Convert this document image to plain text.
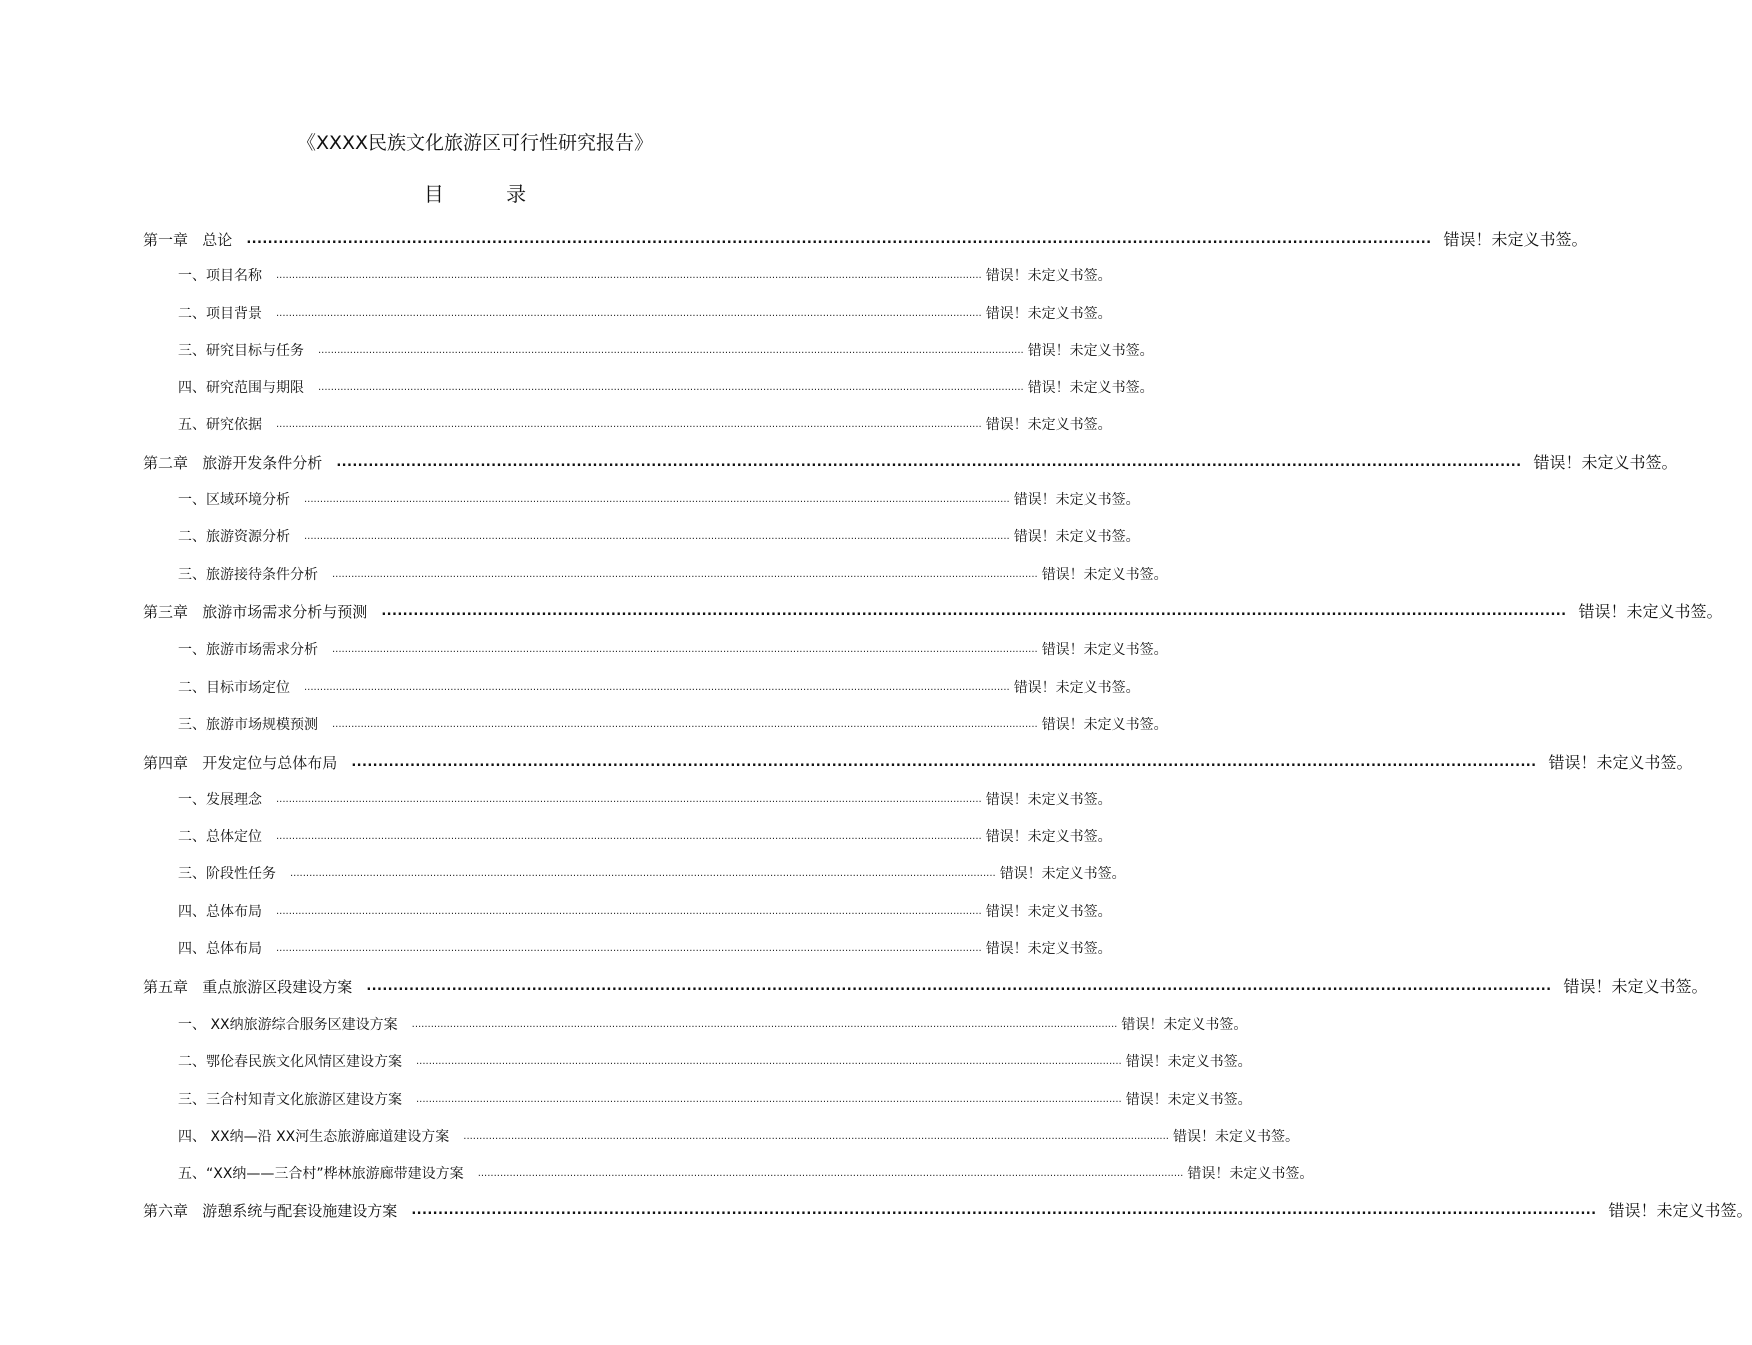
《XXXX民族文化旅游区可行性研究报告》
目 录
第一章   总论 .............................................................................................................................................................................................................................. 错误！未定义书签。
一、项目名称 .............................................................................................................................................................................................................................. 错误！未定义书签。
二、项目背景 .............................................................................................................................................................................................................................. 错误！未定义书签。
三、研究目标与任务 .............................................................................................................................................................................................................................. 错误！未定义书签。
四、研究范围与期限 .............................................................................................................................................................................................................................. 错误！未定义书签。
五、研究依据 .............................................................................................................................................................................................................................. 错误！未定义书签。
第二章   旅游开发条件分析 .............................................................................................................................................................................................................................. 错误！未定义书签。
一、区域环境分析 .............................................................................................................................................................................................................................. 错误！未定义书签。
二、旅游资源分析 .............................................................................................................................................................................................................................. 错误！未定义书签。
三、旅游接待条件分析 .............................................................................................................................................................................................................................. 错误！未定义书签。
第三章   旅游市场需求分析与预测 .............................................................................................................................................................................................................................. 错误！未定义书签。
一、旅游市场需求分析 .............................................................................................................................................................................................................................. 错误！未定义书签。
二、目标市场定位 .............................................................................................................................................................................................................................. 错误！未定义书签。
三、旅游市场规模预测 .............................................................................................................................................................................................................................. 错误！未定义书签。
第四章   开发定位与总体布局 .............................................................................................................................................................................................................................. 错误！未定义书签。
一、发展理念 .............................................................................................................................................................................................................................. 错误！未定义书签。
二、总体定位 .............................................................................................................................................................................................................................. 错误！未定义书签。
三、阶段性任务 .............................................................................................................................................................................................................................. 错误！未定义书签。
四、总体布局 .............................................................................................................................................................................................................................. 错误！未定义书签。
四、总体布局 .............................................................................................................................................................................................................................. 错误！未定义书签。
第五章   重点旅游区段建设方案 .............................................................................................................................................................................................................................. 错误！未定义书签。
一、 XX纳旅游综合服务区建设方案 .............................................................................................................................................................................................................................. 错误！未定义书签。
二、鄂伦春民族文化风情区建设方案 .............................................................................................................................................................................................................................. 错误！未定义书签。
三、三合村知青文化旅游区建设方案 .............................................................................................................................................................................................................................. 错误！未定义书签。
四、 XX纳—沿 XX河生态旅游廊道建设方案 .............................................................................................................................................................................................................................. 错误！未定义书签。
五、“XX纳——三合村”桦林旅游廊带建设方案 .............................................................................................................................................................................................................................. 错误！未定义书签。
第六章   游憩系统与配套设施建设方案 .............................................................................................................................................................................................................................. 错误！未定义书签。
